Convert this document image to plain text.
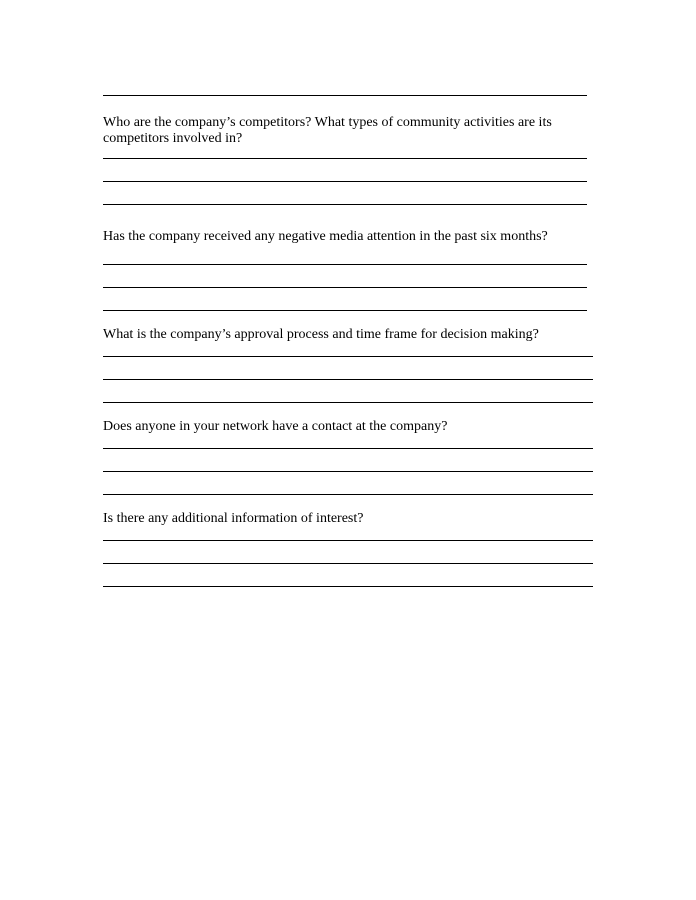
Who are the company’s competitors? What types of community activities are its competitors involved in?

Has the company received any negative media attention in the past six months?

What is the company’s approval process and time frame for decision making?

Does anyone in your network have a contact at the company?

Is there any additional information of interest?
